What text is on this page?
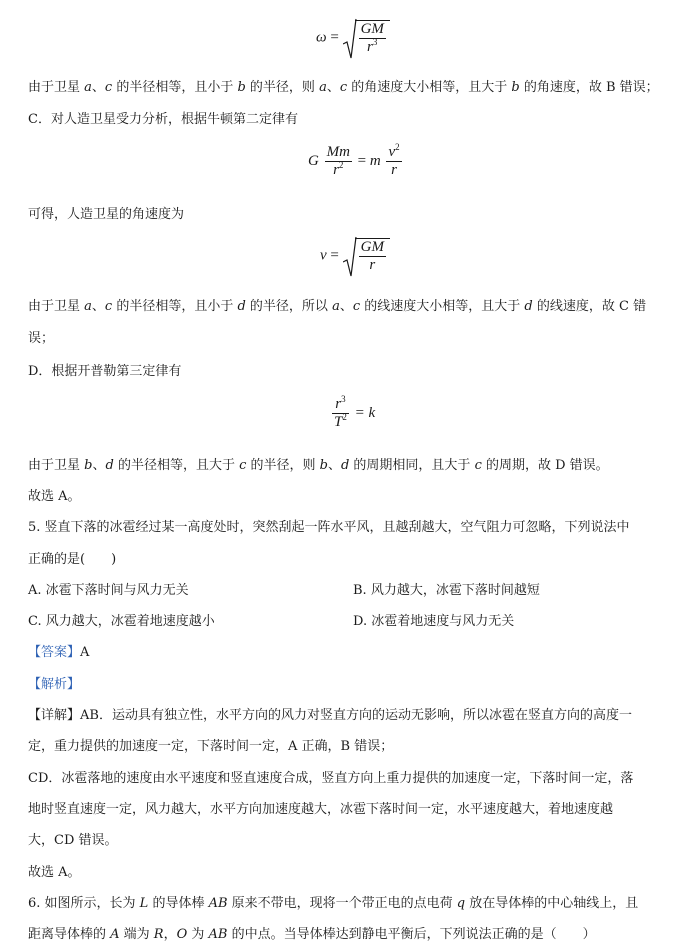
$\omega = \frac{GM}{r^3}$
由于卫星 a、c 的半径相等，且小于 b 的半径，则 a、c 的角速度大小相等，且大于 b 的角速度，故 B 错误；
C．对人造卫星受力分析，根据牛顿第二定律有
G $\frac{Mm}{r^2} = m \frac{v^2}{r}$
可得，人造卫星的角速度为
$v = \frac{GM}{r}$
由于卫星 a、c 的半径相等，且小于 d 的半径，所以 a、c 的线速度大小相等，且大于 d 的线速度，故 C 错
误；
D．根据开普勒第三定律有
$\frac{r^3}{T^2} = k$
由于卫星 b、d 的半径相等，且大于 c 的半径，则 b、d 的周期相同，且大于 c 的周期，故 D 错误。
故选 A。
5. 竖直下落的冰雹经过某一高度处时，突然刮起一阵水平风，且越刮越大，空气阻力可忽略，下列说法中
正确的是(　　)
A. 冰雹下落时间与风力无关	B. 风力越大，冰雹下落时间越短
C. 风力越大，冰雹着地速度越小	D. 冰雹着地速度与风力无关
【答案】A
【解析】
【详解】AB．运动具有独立性，水平方向的风力对竖直方向的运动无影响，所以冰雹在竖直方向的高度一
定，重力提供的加速度一定，下落时间一定，A 正确，B 错误；
CD．冰雹落地的速度由水平速度和竖直速度合成，竖直方向上重力提供的加速度一定，下落时间一定，落
地时竖直速度一定，风力越大，水平方向加速度越大，冰雹下落时间一定，水平速度越大，着地速度越
大，CD 错误。
故选 A。
6. 如图所示，长为 L 的导体棒 AB 原来不带电，现将一个带正电的点电荷 q 放在导体棒的中心轴线上，且
距离导体棒的 A 端为 R，O 为 AB 的中点。当导体棒达到静电平衡后，下列说法正确的是（　　）
